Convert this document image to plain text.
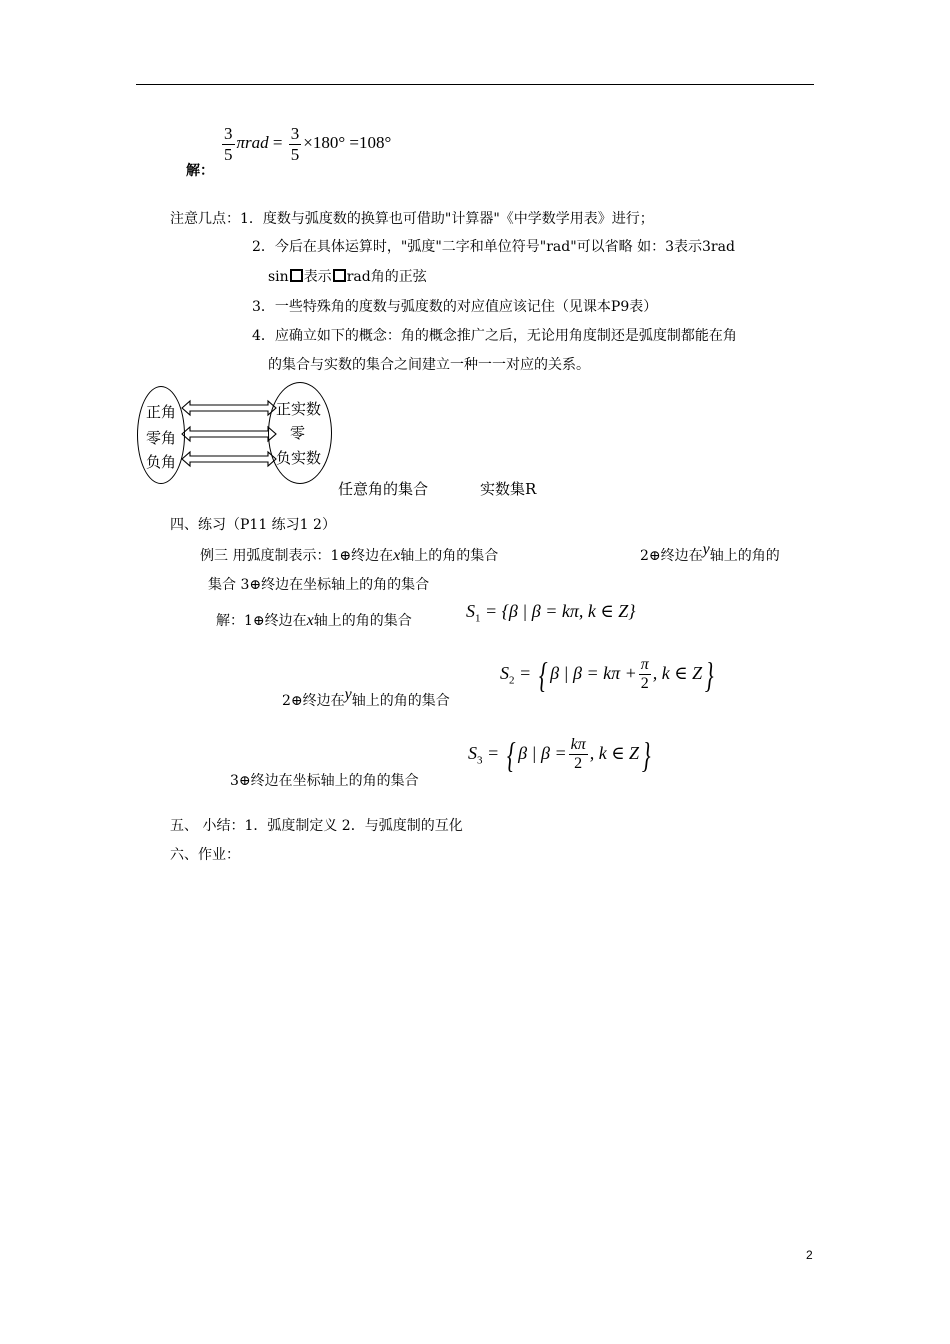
$\frac{3}{5}$ $\pi rad = \frac{3}{5} \times 180^\circ =108^\circ$
解：
注意几点：1．度数与弧度数的换算也可借助"计算器"《中学数学用表》进行；
2．今后在具体运算时，"弧度"二字和单位符号"rad"可以省略 如：3表示3rad
sin 表示 rad角的正弦
3．一些特殊角的度数与弧度数的对应值应该记住（见课本P9表）
4．应确立如下的概念：角的概念推广之后，无论用角度制还是弧度制都能在角
的集合与实数的集合之间建立一种一一对应的关系。
正角
零角
负角
正实数
零
负实数
任意角的集合	实数集R
四、练习（P11 练习1 2）
例三 用弧度制表示：1⊕终边在x轴上的角的集合	2⊕终边在y轴上的角的
集合 3⊕终边在坐标轴上的角的集合
解：1⊕终边在x轴上的角的集合	$S_1 = \{\beta$ | β = kπ, k ∈ Z}
2⊕终边在y轴上的角的集合
$S_2$ = { β | $\beta = k\pi + \frac{\pi}{2}$ , k ∈ Z}
3⊕终边在坐标轴上的角的集合
$S_3$ = { β | $\beta = \frac{k\pi}{2}$ , k ∈ Z}
五、 小结：1．弧度制定义 2．与弧度制的互化
六、作业：
2
